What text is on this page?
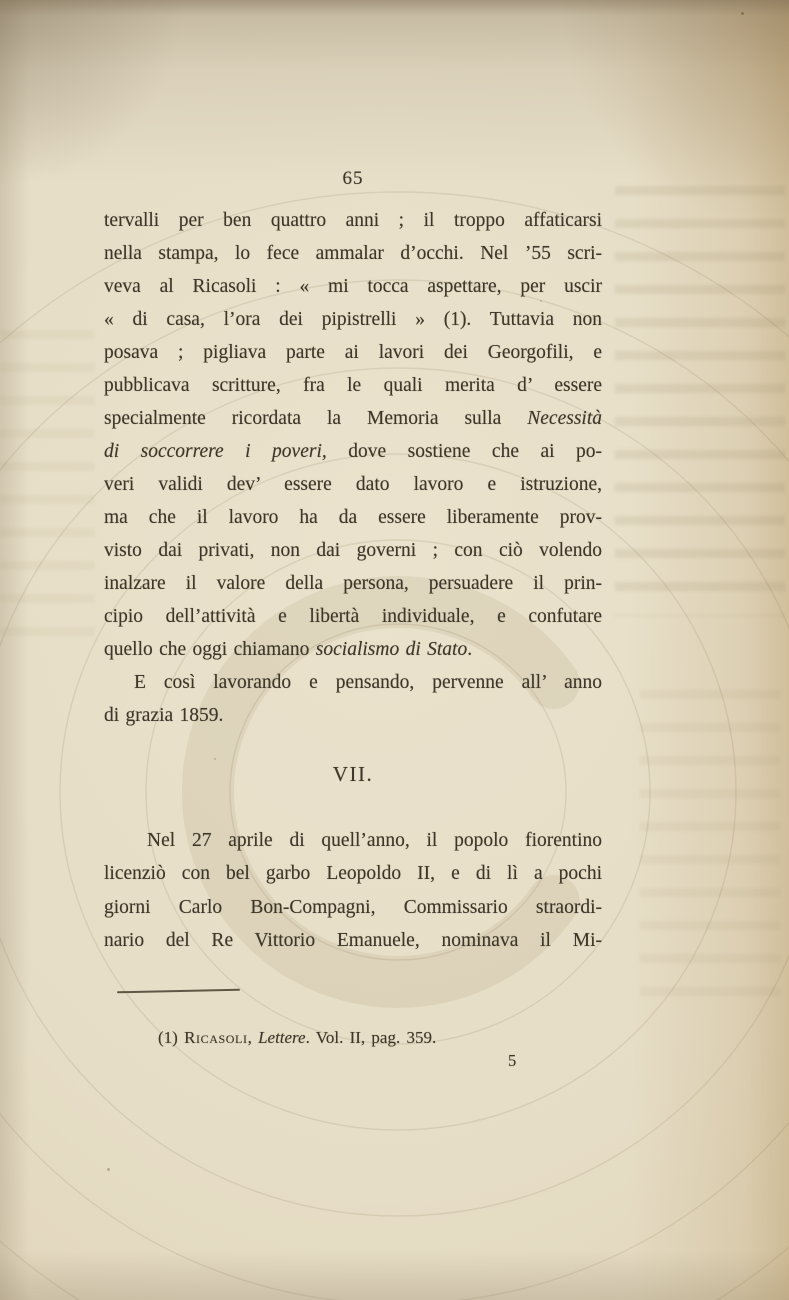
65
tervalli per ben quattro anni ; il troppo affaticarsi
nella stampa, lo fece ammalar d’occhi. Nel ’55 scri-
veva al Ricasoli : « mi tocca aspettare, per uscir
« di casa, l’ora dei pipistrelli » (1). Tuttavia non
posava ; pigliava parte ai lavori dei Georgofili, e
pubblicava scritture, fra le quali merita d’ essere
specialmente ricordata la Memoria sulla Necessità
di soccorrere i poveri, dove sostiene che ai po-
veri validi dev’ essere dato lavoro e istruzione,
ma che il lavoro ha da essere liberamente prov-
visto dai privati, non dai governi ; con ciò volendo
inalzare il valore della persona, persuadere il prin-
cipio dell’attività e libertà individuale, e confutare
quello che oggi chiamano socialismo di Stato.
E così lavorando e pensando, pervenne all’ anno
di grazia 1859.
VII.
Nel 27 aprile di quell’anno, il popolo fiorentino
licenziò con bel garbo Leopoldo II, e di lì a pochi
giorni Carlo Bon-Compagni, Commissario straordi-
nario del Re Vittorio Emanuele, nominava il Mi-
(1) Ricasoli, Lettere. Vol. II, pag. 359.
5
